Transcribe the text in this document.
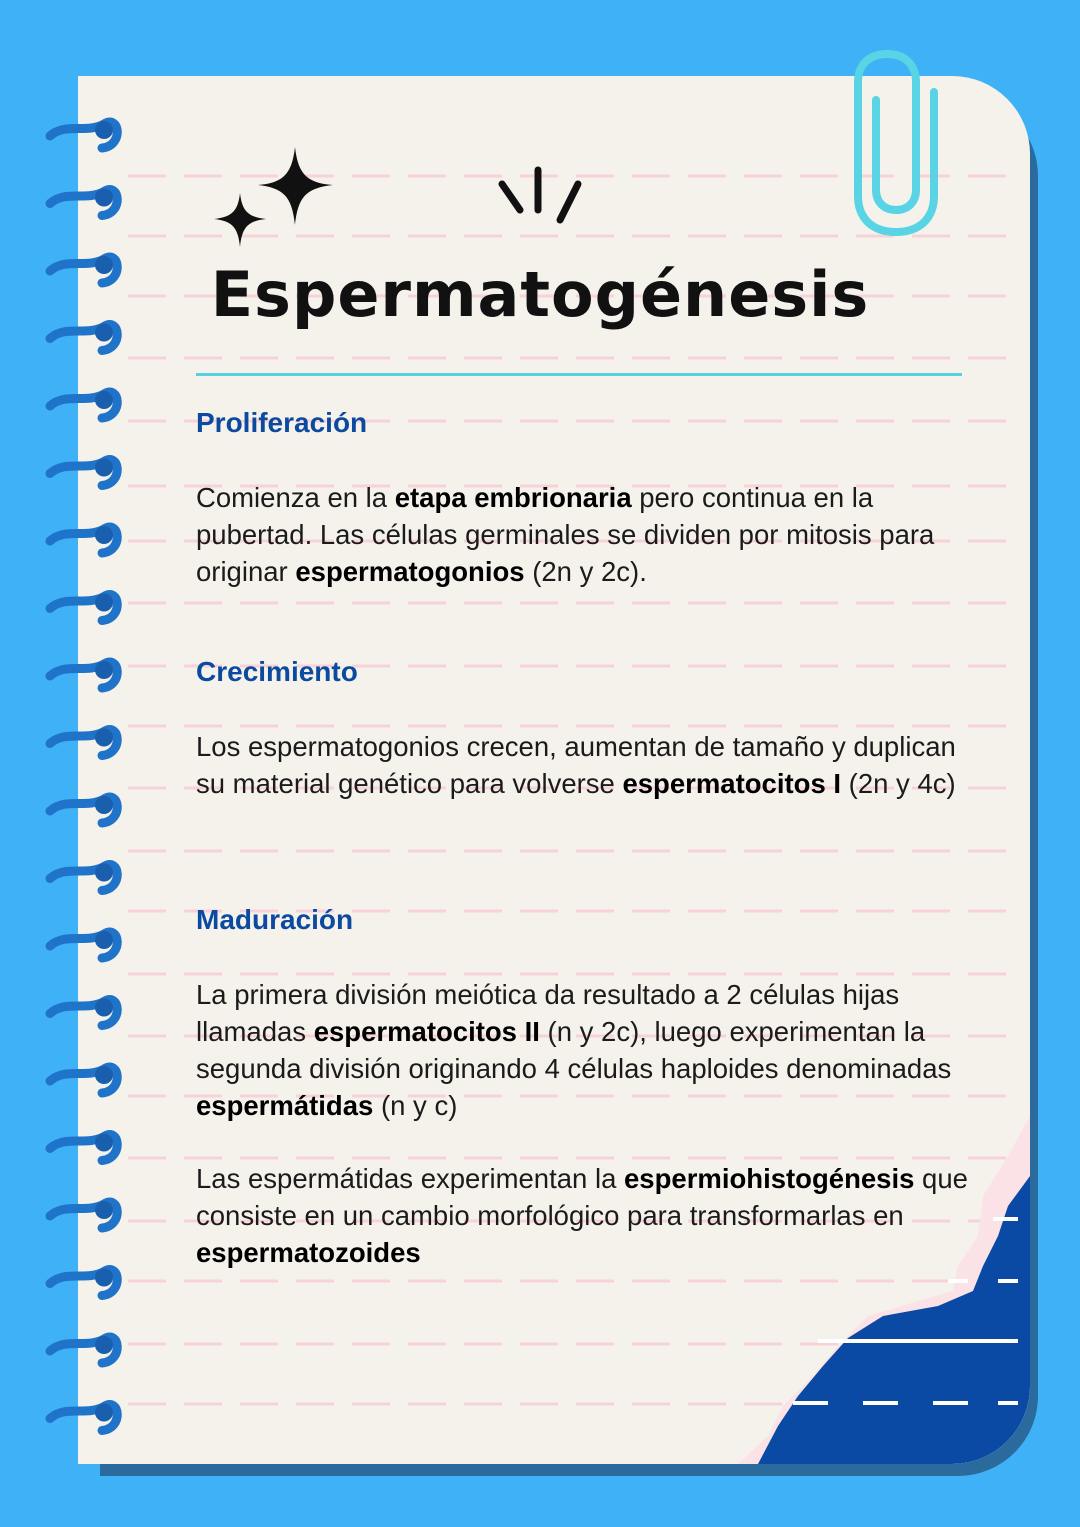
Espermatogénesis
Proliferación

Comienza en la etapa embrionaria pero continua en la pubertad. Las células germinales se dividen por mitosis para originar espermatogonios (2n y 2c).

Crecimiento

Los espermatogonios crecen, aumentan de tamaño y duplican su material genético para volverse espermatocitos I (2n y 4c)

Maduración

La primera división meiótica da resultado a 2 células hijas llamadas espermatocitos II (n y 2c), luego experimentan la segunda división originando 4 células haploides denominadas espermátidas (n y c)

Las espermátidas experimentan la espermiohistogénesis que consiste en un cambio morfológico para transformarlas en espermatozoides
